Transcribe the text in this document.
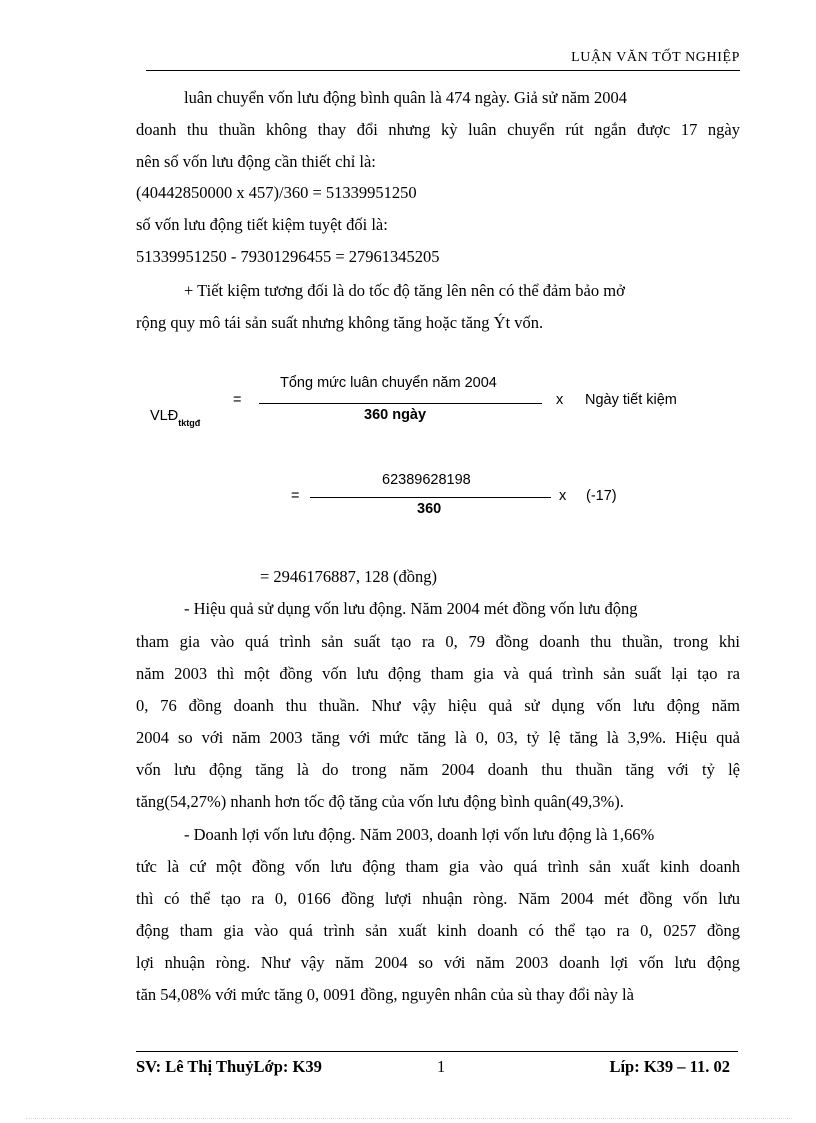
LUẬN VĂN TỐT NGHIỆP
luân chuyển vốn lưu động bình quân là 474 ngày. Giả sử năm 2004
doanh thu thuần không thay đổi nhưng kỳ luân chuyển rút ngắn được 17 ngày
nên số vốn lưu động cần thiết chỉ là:
(40442850000 x 457)/360 = 51339951250
số vốn lưu động tiết kiệm tuyệt đối là:
51339951250 - 79301296455 = 27961345205
+ Tiết kiệm tương đối là do tốc độ tăng lên nên có thể đảm bảo mở
rộng quy mô tái sản suất nhưng không tăng hoặc tăng Ýt vốn.
Tổng mức luân chuyển năm 2004
360 ngày
$VLĐ_{tktgđ}$
=	x Ngày tiết kiệm
62389628198
360
=	x (-17)
= 2946176887, 128 (đồng)
- Hiệu quả sử dụng vốn lưu động. Năm 2004 mét đồng vốn lưu động
tham gia vào quá trình sản suất tạo ra 0, 79 đồng doanh thu thuần, trong khi
năm 2003 thì một đồng vốn lưu động tham gia và quá trình sản suất lại tạo ra
0, 76 đồng doanh thu thuần. Như vậy hiệu quả sử dụng vốn lưu động năm
2004 so với năm 2003 tăng với mức tăng là 0, 03, tỷ lệ tăng là 3,9%. Hiệu quả
vốn lưu động tăng là do trong năm 2004 doanh thu thuần tăng với tỷ lệ
tăng(54,27%) nhanh hơn tốc độ tăng của vốn lưu động bình quân(49,3%).
- Doanh lợi vốn lưu động. Năm 2003, doanh lợi vốn lưu động là 1,66%
tức là cứ một đồng vốn lưu động tham gia vào quá trình sản xuất kinh doanh
thì có thể tạo ra 0, 0166 đồng lượi nhuận ròng. Năm 2004 mét đồng vốn lưu
động tham gia vào quá trình sản xuất kinh doanh có thể tạo ra 0, 0257 đồng
lợi nhuận ròng. Như vậy năm 2004 so với năm 2003 doanh lợi vốn lưu động
tăn 54,08% với mức tăng 0, 0091 đồng, nguyên nhân của sù thay đổi này là
SV: Lê Thị ThuỷLớp: K39	1	Líp: K39 – 11. 02
